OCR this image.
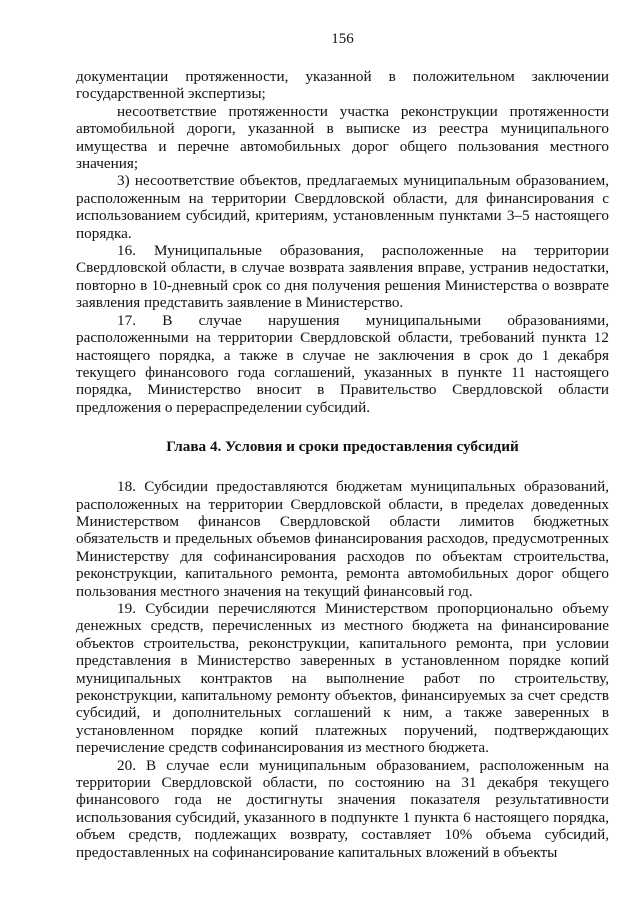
156

документации протяженности, указанной в положительном заключении государственной экспертизы;

несоответствие протяженности участка реконструкции протяженности автомобильной дороги, указанной в выписке из реестра муниципального имущества и перечне автомобильных дорог общего пользования местного значения;

3) несоответствие объектов, предлагаемых муниципальным образованием, расположенным на территории Свердловской области, для финансирования с использованием субсидий, критериям, установленным пунктами 3–5 настоящего порядка.

16. Муниципальные образования, расположенные на территории Свердловской области, в случае возврата заявления вправе, устранив недостатки, повторно в 10-дневный срок со дня получения решения Министерства о возврате заявления представить заявление в Министерство.

17. В случае нарушения муниципальными образованиями, расположенными на территории Свердловской области, требований пункта 12 настоящего порядка, а также в случае не заключения в срок до 1 декабря текущего финансового года соглашений, указанных в пункте 11 настоящего порядка, Министерство вносит в Правительство Свердловской области предложения о перераспределении субсидий.

Глава 4. Условия и сроки предоставления субсидий

18. Субсидии предоставляются бюджетам муниципальных образований, расположенных на территории Свердловской области, в пределах доведенных Министерством финансов Свердловской области лимитов бюджетных обязательств и предельных объемов финансирования расходов, предусмотренных Министерству для софинансирования расходов по объектам строительства, реконструкции, капитального ремонта, ремонта автомобильных дорог общего пользования местного значения на текущий финансовый год.

19. Субсидии перечисляются Министерством пропорционально объему денежных средств, перечисленных из местного бюджета на финансирование объектов строительства, реконструкции, капитального ремонта, при условии представления в Министерство заверенных в установленном порядке копий муниципальных контрактов на выполнение работ по строительству, реконструкции, капитальному ремонту объектов, финансируемых за счет средств субсидий, и дополнительных соглашений к ним, а также заверенных в установленном порядке копий платежных поручений, подтверждающих перечисление средств софинансирования из местного бюджета.

20. В случае если муниципальным образованием, расположенным на территории Свердловской области, по состоянию на 31 декабря текущего финансового года не достигнуты значения показателя результативности использования субсидий, указанного в подпункте 1 пункта 6 настоящего порядка, объем средств, подлежащих возврату, составляет 10% объема субсидий, предоставленных на софинансирование капитальных вложений в объекты
